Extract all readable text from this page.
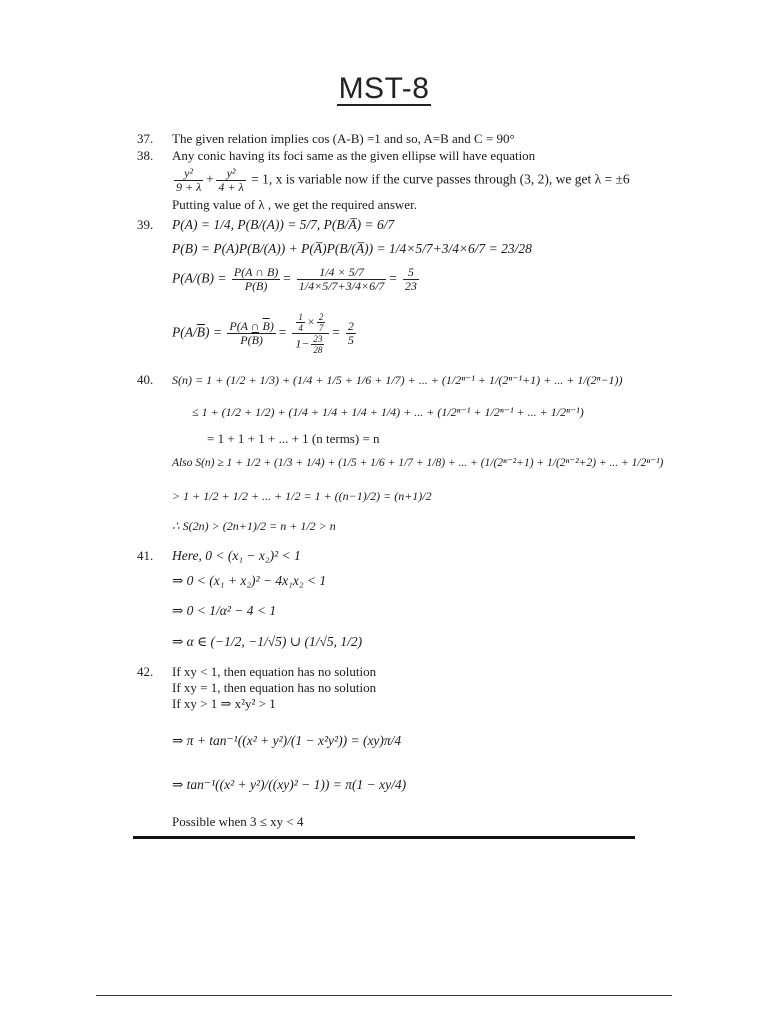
MST-8
37. The given relation implies cos (A-B) =1 and so, A=B and C = 90°
38. Any conic having its foci same as the given ellipse will have equation
$\frac{\text{y²}}{9 + \lambda} + \frac{\text{y²}}{4 + \lambda} = 1$, x is variable now if the curve passes through (3, 2), we get λ = ±6
Putting value of λ , we get the required answer.
39. P(A) = 1/4, P(B/(A)) = 5/7, P(B/A̅) = 6/7
P(B) = P(A)P(B/(A)) + P(A̅)P(B/(A̅)) = 1/4×5/7+3/4×6/7 = 23/28
$P(A/(B) = \frac{P(A \cap B)}{P(B)} = \frac{1/4 \times 5/7}{1/4\times 5/7+3/4\times 6/7} = \frac{5}{23}$
$P(A/\overline{B}) = \frac{P(A \cap \overline{B})}{P(\overline{B})} = \frac{\frac{1}{4} \times \frac{2}{7}}{1- \frac{23}{28}} = \frac{2}{5}$
40. S(n) = 1 + (1/2 + 1/3) + (1/4 + 1/5 + 1/6 + 1/7) + ... + (1/2ⁿ⁻¹ + 1/(2ⁿ⁻¹+1) + ... + 1/(2ⁿ−1))
≤ 1 + (1/2 + 1/2) + (1/4 + 1/4 + 1/4 + 1/4) + ... + (1/2ⁿ⁻¹ + 1/2ⁿ⁻¹ + ... + 1/2ⁿ⁻¹)
= 1 + 1 + 1 + ... + 1 (n terms) = n
Also S(n) ≥ 1 + 1/2 + (1/3 + 1/4) + (1/5 + 1/6 + 1/7 + 1/8) + ... + (1/(2ⁿ⁻²+1) + 1/(2ⁿ⁻²+2) + ... + 1/2ⁿ⁻¹)
> 1 + 1/2 + 1/2 + ... + 1/2 = 1 + ((n−1)/2) = (n+1)/2
∴ S(2n) > (2n+1)/2 = n + 1/2 > n
41. Here, 0 < (x₁ − x₂)² < 1
⇒ 0 < (x₁ + x₂)² − 4x₁x₂ < 1
⇒ 0 < 1/α² − 4 < 1
⇒ α ∈ (−1/2, −1/√5) ∪ (1/√5, 1/2)
42. If xy < 1, then equation has no solution
If xy = 1, then equation has no solution
If xy > 1 ⇒ x²y² > 1
⇒ π + tan⁻¹((x² + y²)/(1 − x²y²)) = (xy)π/4
⇒ tan⁻¹((x² + y²)/((xy)² − 1)) = π(1 − xy/4)
Possible when 3 ≤ xy < 4
